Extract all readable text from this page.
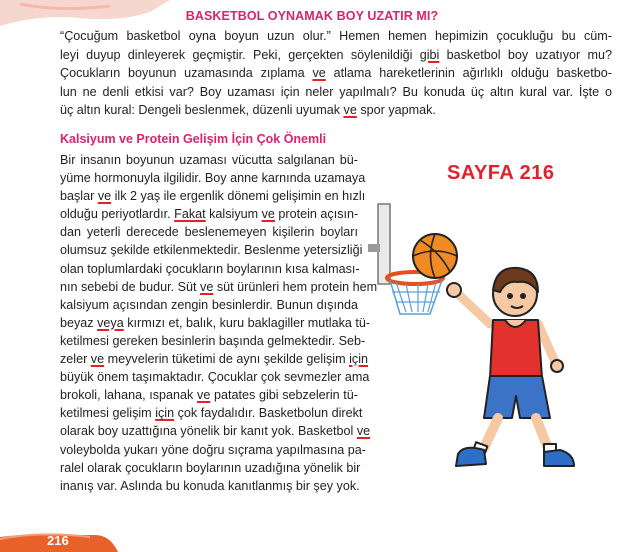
BASKETBOL OYNAMAK BOY UZATIR MI?

“Çocuğum basketbol oyna boyun uzun olur.” Hemen hemen hepimizin çocukluğu bu cüm-
leyi duyup dinleyerek geçmiştir. Peki, gerçekten söylenildiği gibi basketbol boy uzatıyor mu?
Çocukların boyunun uzamasında zıplama ve atlama hareketlerinin ağırlıklı olduğu basketbo-
lun ne denli etkisi var? Boy uzaması için neler yapılmalı? Bu konuda üç altın kural var. İşte o
üç altın kural: Dengeli beslenmek, düzenli uyumak ve spor yapmak.

Kalsiyum ve Protein Gelişim İçin Çok Önemli

Bir insanın boyunun uzaması vücutta salgılanan bü-
yüme hormonuyla ilgilidir. Boy anne karnında uzamaya
başlar ve ilk 2 yaş ile ergenlik dönemi gelişimin en hızlı
olduğu periyotlardır. Fakat kalsiyum ve protein açısın-
dan yeterli derecede beslenemeyen kişilerin boyları
olumsuz şekilde etkilenmektedir. Beslenme yetersizliği
olan toplumlardaki çocukların boylarının kısa kalması-
nın sebebi de budur. Süt ve süt ürünleri hem protein hem
kalsiyum açısından zengin besinlerdir. Bunun dışında
beyaz veya kırmızı et, balık, kuru baklagiller mutlaka tü-
ketilmesi gereken besinlerin başında gelmektedir. Seb-
zeler ve meyvelerin tüketimi de aynı şekilde gelişim için
büyük önem taşımaktadır. Çocuklar çok sevmezler ama
brokoli, lahana, ıspanak ve patates gibi sebzelerin tü-
ketilmesi gelişim için çok faydalıdır. Basketbolun direkt
olarak boy uzattığına yönelik bir kanıt yok. Basketbol ve
voleybolda yukarı yöne doğru sıçrama yapılmasına pa-
ralel olarak çocukların boylarının uzadığına yönelik bir
inanış var. Aslında bu konuda kanıtlanmış bir şey yok.

SAYFA 216
216
